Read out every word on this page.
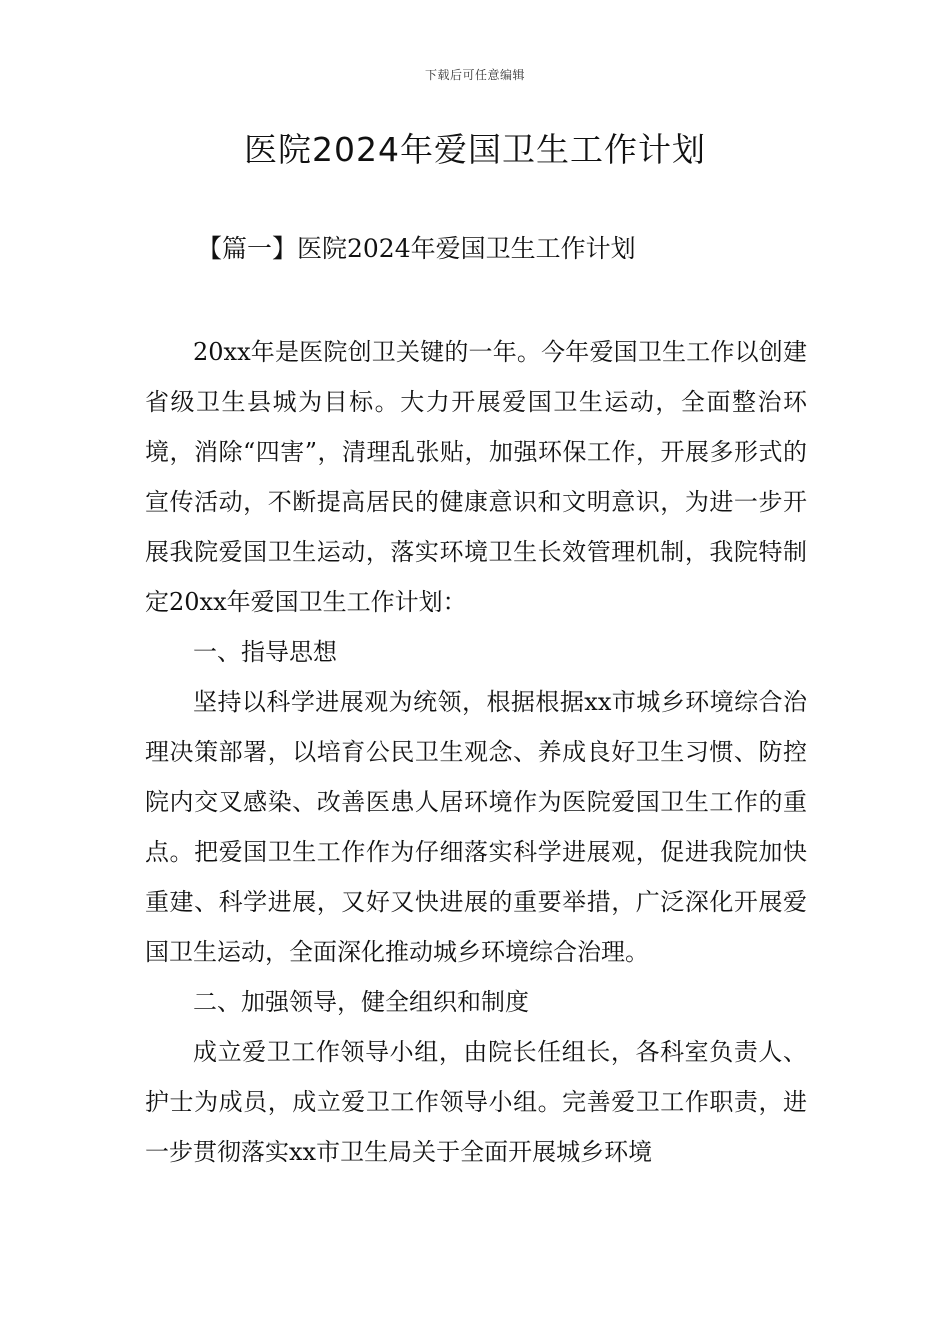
下载后可任意编辑
医院2024年爱国卫生工作计划
【篇一】医院2024年爱国卫生工作计划

20xx年是医院创卫关键的一年。今年爱国卫生工作以创建省级卫生县城为目标。大力开展爱国卫生运动，全面整治环境，消除“四害”，清理乱张贴，加强环保工作，开展多形式的宣传活动，不断提高居民的健康意识和文明意识，为进一步开展我院爱国卫生运动，落实环境卫生长效管理机制，我院特制定20xx年爱国卫生工作计划：

一、指导思想

坚持以科学进展观为统领，根据根据xx市城乡环境综合治理决策部署，以培育公民卫生观念、养成良好卫生习惯、防控院内交叉感染、改善医患人居环境作为医院爱国卫生工作的重点。把爱国卫生工作作为仔细落实科学进展观，促进我院加快重建、科学进展，又好又快进展的重要举措，广泛深化开展爱国卫生运动，全面深化推动城乡环境综合治理。

二、加强领导，健全组织和制度

成立爱卫工作领导小组，由院长任组长，各科室负责人、护士为成员，成立爱卫工作领导小组。完善爱卫工作职责，进一步贯彻落实xx市卫生局关于全面开展城乡环境
